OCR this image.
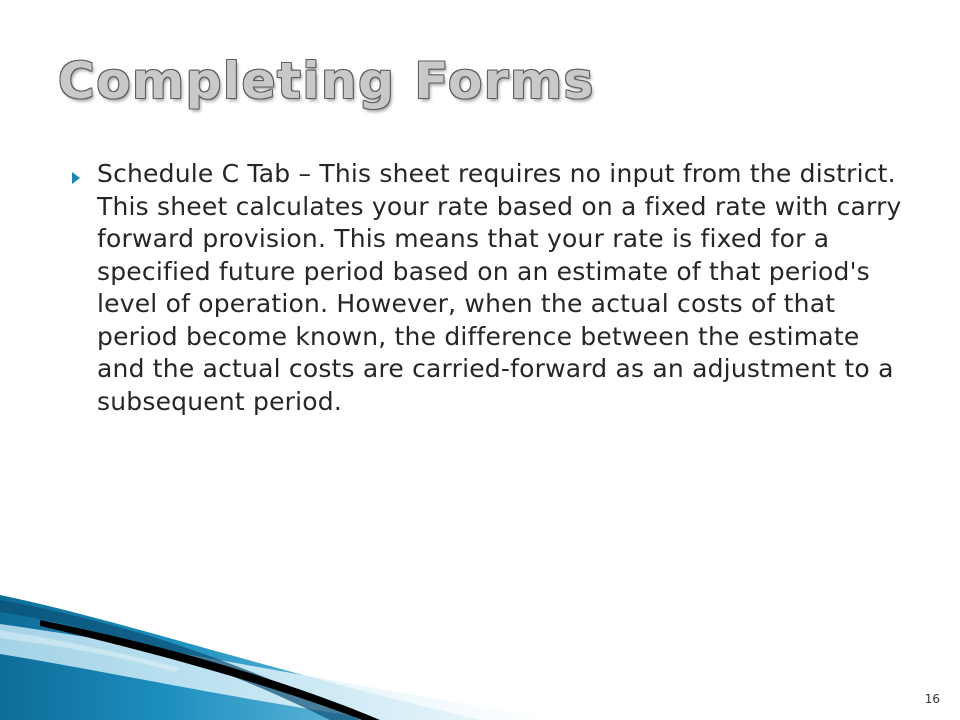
Completing Forms
Schedule C Tab – This sheet requires no input from the district. This sheet calculates your rate based on a fixed rate with carry forward provision. This means that your rate is fixed for a specified future period based on an estimate of that period's level of operation. However, when the actual costs of that period become known, the difference between the estimate and the actual costs are carried-forward as an adjustment to a subsequent period.
16
